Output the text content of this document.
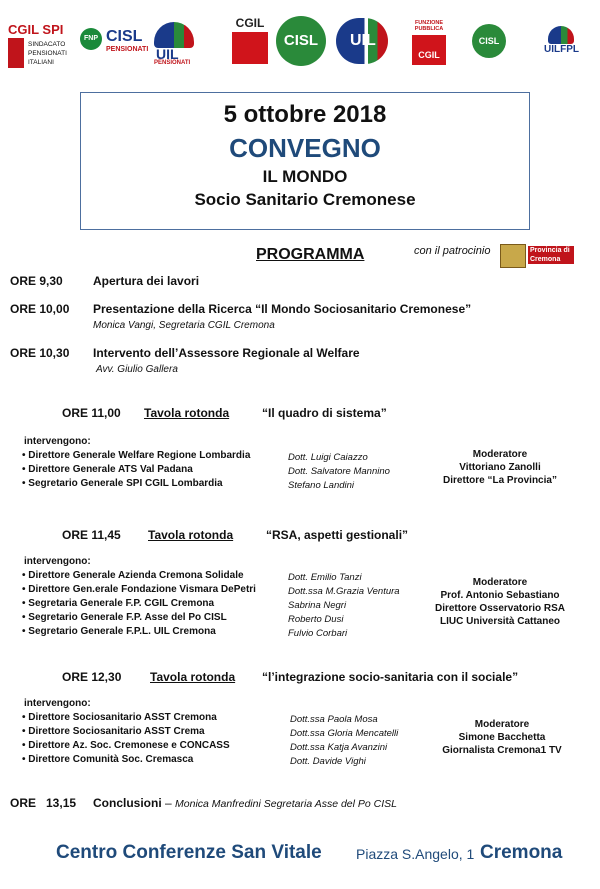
CGIL SPI
SINDACATO PENSIONATI ITALIANI
FNP CISL
PENSIONATI UIL
PENSIONATI
CGIL
CISL	UIL
FUNZIONE PUBBLICA
CGIL
CISL FP
UILFPL
5 ottobre 2018
CONVEGNO
IL MONDO
Socio Sanitario Cremonese
PROGRAMMA	con il patrocinio	Provincia di Cremona
ORE 9,30	Apertura dei lavori
ORE 10,00 Presentazione della Ricerca “Il Mondo Sociosanitario Cremonese”
Monica Vangi, Segretaria CGIL Cremona
ORE 10,30 Intervento dell’Assessore Regionale al Welfare
Avv. Giulio Gallera
ORE 11,00 Tavola rotonda	“Il quadro di sistema”
intervengono:
• Direttore Generale Welfare Regione Lombardia	Dott. Luigi Caiazzo
• Direttore Generale ATS Val Padana	Dott. Salvatore Mannino
• Segretario Generale SPI CGIL Lombardia	Stefano Landini
Moderatore
Vittoriano Zanolli
Direttore “La Provincia”
ORE 11,45 Tavola rotonda	“RSA, aspetti gestionali”
intervengono:
• Direttore Generale Azienda Cremona Solidale	Dott. Emilio Tanzi
• Direttore Gen.erale Fondazione Vismara DePetri	Dott.ssa M.Grazia Ventura
• Segretaria Generale F.P. CGIL Cremona	Sabrina Negri
• Segretario Generale F.P. Asse del Po CISL	Roberto Dusi
• Segretario Generale F.P.L. UIL Cremona	Fulvio Corbari
Moderatore
Prof. Antonio Sebastiano
Direttore Osservatorio RSA
LIUC Università Cattaneo
ORE 12,30 Tavola rotonda “l’integrazione socio-sanitaria con il sociale”
intervengono:
• Direttore Sociosanitario ASST Cremona	Dott.ssa Paola Mosa
• Direttore Sociosanitario ASST Crema	Dott.ssa Gloria Mencatelli
• Direttore Az. Soc. Cremonese e CONCASS	Dott.ssa Katja Avanzini
• Direttore Comunità Soc. Cremasca	Dott. Davide Vighi
Moderatore
Simone Bacchetta
Giornalista Cremona1 TV
ORE   13,15 Conclusioni – Monica Manfredini Segretaria Asse del Po CISL
Centro Conferenze San Vitale Piazza S.Angelo, 1 Cremona
